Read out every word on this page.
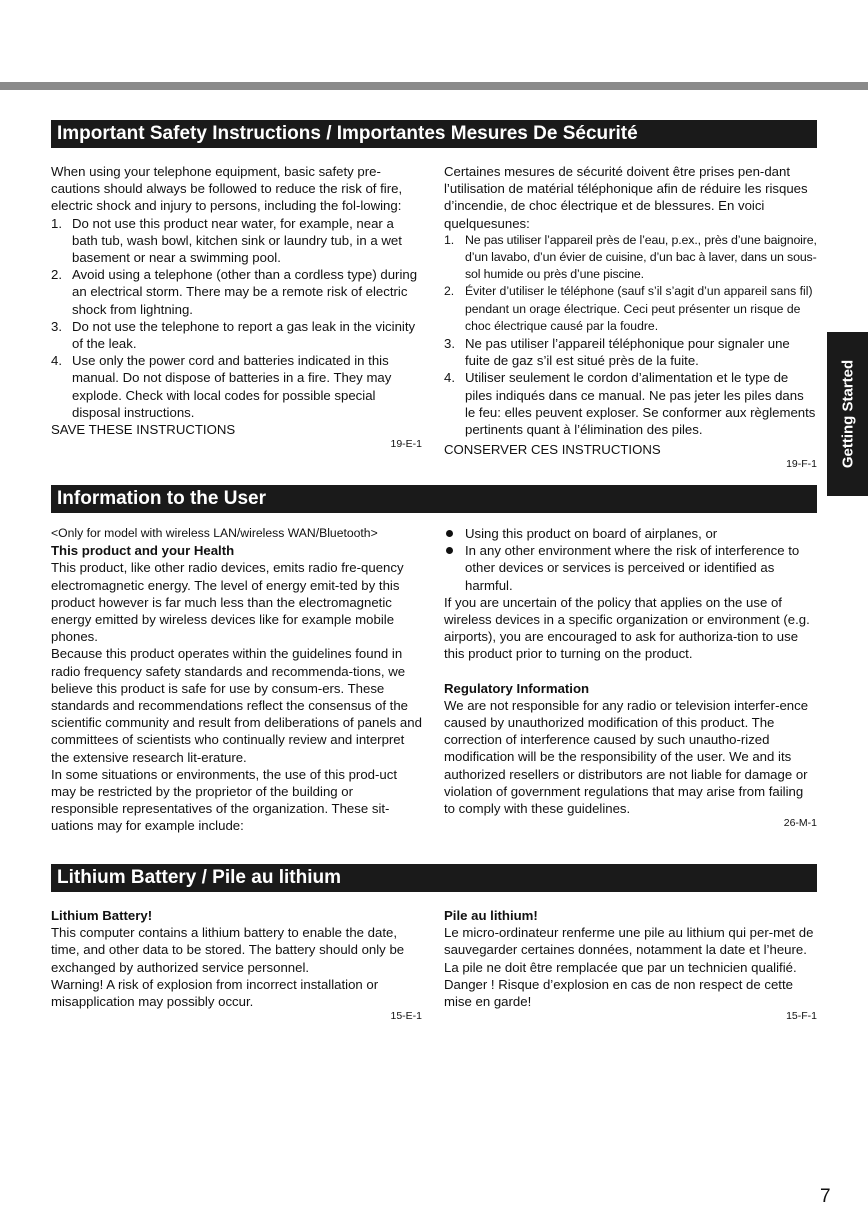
Important Safety Instructions / Importantes Mesures De Sécurité

When using your telephone equipment, basic safety pre-cautions should always be followed to reduce the risk of fire, electric shock and injury to persons, including the fol-lowing:

1. Do not use this product near water, for example, near a bath tub, wash bowl, kitchen sink or laundry tub, in a wet basement or near a swimming pool.
2. Avoid using a telephone (other than a cordless type) during an electrical storm. There may be a remote risk of electric shock from lightning.
3. Do not use the telephone to report a gas leak in the vicinity of the leak.
4. Use only the power cord and batteries indicated in this manual. Do not dispose of batteries in a fire. They may explode. Check with local codes for possible special disposal instructions.

SAVE THESE INSTRUCTIONS

19-E-1

Certaines mesures de sécurité doivent être prises pen-dant l’utilisation de matérial téléphonique afin de réduire les risques d’incendie, de choc électrique et de blessures. En voici quelquesunes:

1. Ne pas utiliser l’appareil près de l’eau, p.ex., près d’une baignoire, d’un lavabo, d’un évier de cuisine, d’un bac à laver, dans un sous-sol humide ou près d’une piscine.
2. Éviter d’utiliser le téléphone (sauf s’il s’agit d’un appareil sans fil) pendant un orage électrique. Ceci peut présenter un risque de choc électrique causé par la foudre.
3. Ne pas utiliser l’appareil téléphonique pour signaler une fuite de gaz s’il est situé près de la fuite.
4. Utiliser seulement le cordon d’alimentation et le type de piles indiqués dans ce manual. Ne pas jeter les piles dans le feu: elles peuvent exploser. Se conformer aux règlements pertinents quant à l’élimination des piles.

CONSERVER CES INSTRUCTIONS

19-F-1
Information to the User

<Only for model with wireless LAN/wireless WAN/Bluetooth>

This product and your Health

This product, like other radio devices, emits radio fre-quency electromagnetic energy. The level of energy emit-ted by this product however is far much less than the electromagnetic energy emitted by wireless devices like for example mobile phones.

Because this product operates within the guidelines found in radio frequency safety standards and recommenda-tions, we believe this product is safe for use by consum-ers. These standards and recommendations reflect the consensus of the scientific community and result from deliberations of panels and committees of scientists who continually review and interpret the extensive research lit-erature.

In some situations or environments, the use of this prod-uct may be restricted by the proprietor of the building or responsible representatives of the organization. These sit-uations may for example include:

Using this product on board of airplanes, or
In any other environment where the risk of interference to other devices or services is perceived or identified as harmful.

If you are uncertain of the policy that applies on the use of wireless devices in a specific organization or environment (e.g. airports), you are encouraged to ask for authoriza-tion to use this product prior to turning on the product.

Regulatory Information

We are not responsible for any radio or television interfer-ence caused by unauthorized modification of this product. The correction of interference caused by such unautho-rized modification will be the responsibility of the user. We and its authorized resellers or distributors are not liable for damage or violation of government regulations that may arise from failing to comply with these guidelines.

26-M-1
Lithium Battery / Pile au lithium

Lithium Battery!

This computer contains a lithium battery to enable the date, time, and other data to be stored. The battery should only be exchanged by authorized service personnel.

Warning! A risk of explosion from incorrect installation or misapplication may possibly occur.

15-E-1

Pile au lithium!

Le micro-ordinateur renferme une pile au lithium qui per-met de sauvegarder certaines données, notamment la date et l’heure. La pile ne doit être remplacée que par un technicien qualifié.

Danger ! Risque d’explosion en cas de non respect de cette mise en garde!

15-F-1
Getting Started
7
